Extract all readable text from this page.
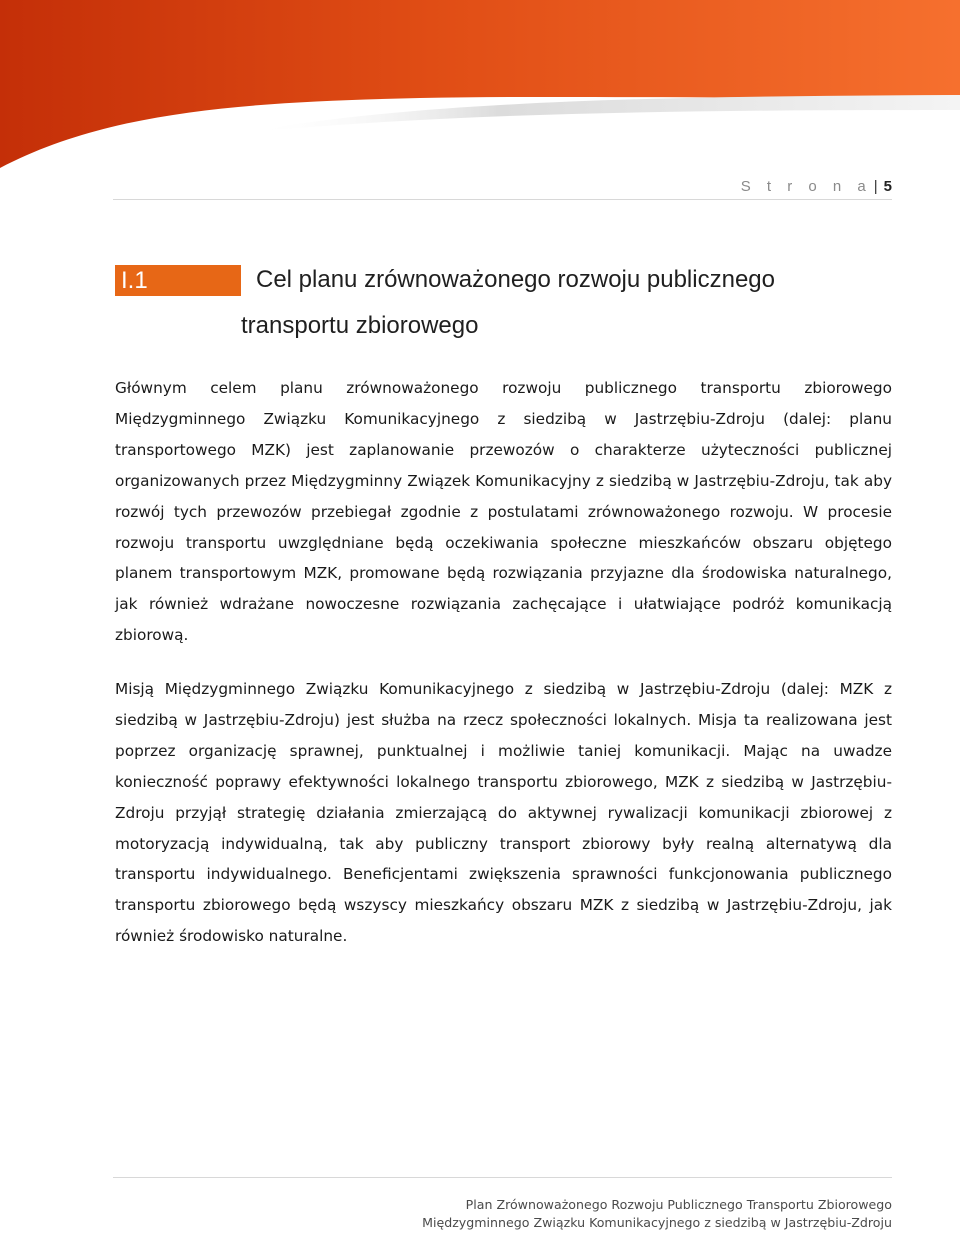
S t r o n a | 5
I.1	Cel planu zrównoważonego rozwoju publicznego
transportu zbiorowego

Głównym celem planu zrównoważonego rozwoju publicznego transportu zbiorowego Międzygminnego Związku Komunikacyjnego z siedzibą w Jastrzębiu-Zdroju (dalej: planu transportowego MZK) jest zaplanowanie przewozów o charakterze użyteczności publicznej organizowanych przez Międzygminny Związek Komunikacyjny z siedzibą w Jastrzębiu-Zdroju, tak aby rozwój tych przewozów przebiegał zgodnie z postulatami zrównoważonego rozwoju. W procesie rozwoju transportu uwzględniane będą oczekiwania społeczne mieszkańców obszaru objętego planem transportowym MZK, promowane będą rozwiązania przyjazne dla środowiska naturalnego, jak również wdrażane nowoczesne rozwiązania zachęcające i ułatwiające podróż komunikacją zbiorową.

Misją Międzygminnego Związku Komunikacyjnego z siedzibą w Jastrzębiu-Zdroju (dalej: MZK z siedzibą w Jastrzębiu-Zdroju) jest służba na rzecz społeczności lokalnych. Misja ta realizowana jest poprzez organizację sprawnej, punktualnej i możliwie taniej komunikacji. Mając na uwadze konieczność poprawy efektywności lokalnego transportu zbiorowego, MZK z siedzibą w Jastrzębiu-Zdroju przyjął strategię działania zmierzającą do aktywnej rywalizacji komunikacji zbiorowej z motoryzacją indywidualną, tak aby publiczny transport zbiorowy były realną alternatywą dla transportu indywidualnego. Beneficjentami zwiększenia sprawności funkcjonowania publicznego transportu zbiorowego będą wszyscy mieszkańcy obszaru MZK z siedzibą w Jastrzębiu-Zdroju, jak również środowisko naturalne.

Plan Zrównoważonego Rozwoju Publicznego Transportu Zbiorowego
Międzygminnego Związku Komunikacyjnego z siedzibą w Jastrzębiu-Zdroju
